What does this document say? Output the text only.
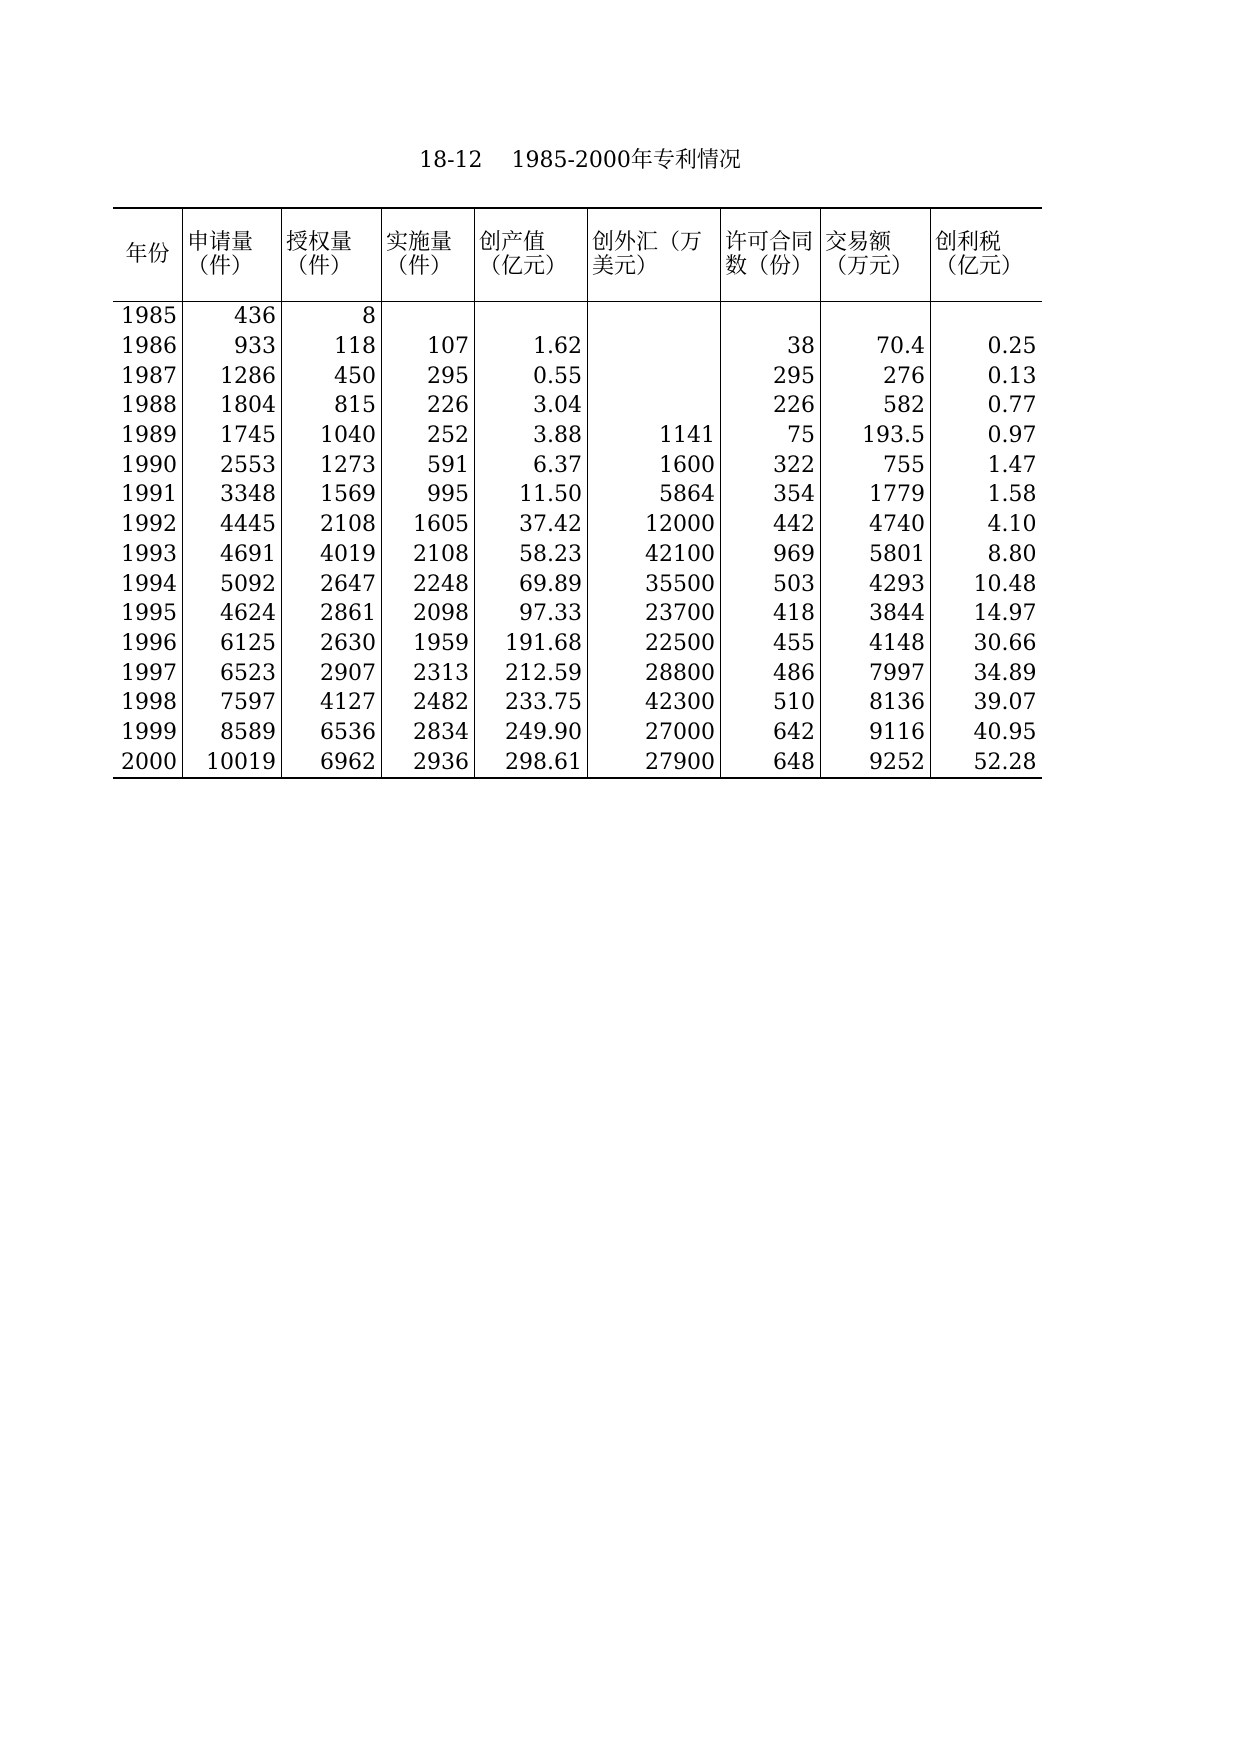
18-12　 1985-2000年专利情况
年份	申请量（件）	授权量（件）	实施量（件）	创产值（亿元）	创外汇（万美元）	许可合同数（份）	交易额（万元）	创利税（亿元）
1985	436	8						
1986	933	118	107	1.62		38	70.4	0.25
1987	1286	450	295	0.55		295	276	0.13
1988	1804	815	226	3.04		226	582	0.77
1989	1745	1040	252	3.88	1141	75	193.5	0.97
1990	2553	1273	591	6.37	1600	322	755	1.47
1991	3348	1569	995	11.50	5864	354	1779	1.58
1992	4445	2108	1605	37.42	12000	442	4740	4.10
1993	4691	4019	2108	58.23	42100	969	5801	8.80
1994	5092	2647	2248	69.89	35500	503	4293	10.48
1995	4624	2861	2098	97.33	23700	418	3844	14.97
1996	6125	2630	1959	191.68	22500	455	4148	30.66
1997	6523	2907	2313	212.59	28800	486	7997	34.89
1998	7597	4127	2482	233.75	42300	510	8136	39.07
1999	8589	6536	2834	249.90	27000	642	9116	40.95
2000	10019	6962	2936	298.61	27900	648	9252	52.28
